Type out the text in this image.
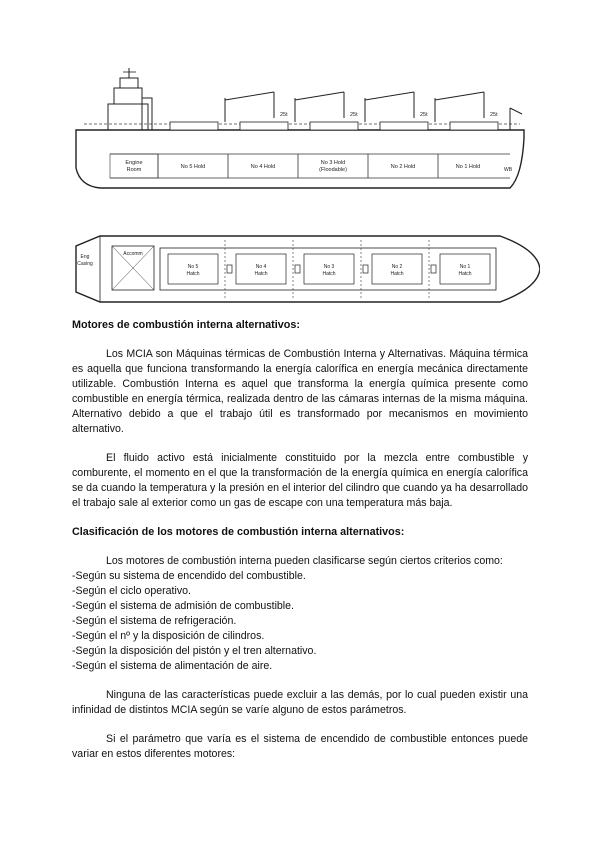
Engine
Room	No 5 Hold	No 4 Hold
No 3 Hold
(Floodable)	No 2 Hold	No 1 Hold
25t	25t	25t	25t
WB
Eng
Casing
Accomm
No 5
Hatch
No 4
Hatch
No 3
Hatch
No 2
Hatch
No 1
Hatch
Motores de combustión interna alternativos:

Los MCIA son Máquinas térmicas de Combustión Interna y Alternativas. Máquina térmica es aquella que funciona transformando la energía calorífica en energía mecánica directamente utilizable. Combustión Interna es aquel que transforma la energía química presente como combustible en energía térmica, realizada dentro de las cámaras internas de la misma máquina. Alternativo debido a que el trabajo útil es transformado por mecanismos en movimiento alternativo.

El fluido activo está inicialmente constituido por la mezcla entre combustible y comburente, el momento en el que la transformación de la energía química en energía calorífica se da cuando la temperatura y la presión en el interior del cilindro que cuando ya ha desarrollado el trabajo sale al exterior como un gas de escape con una temperatura más baja.

Clasificación de los motores de combustión interna alternativos:

Los motores de combustión interna pueden clasificarse según ciertos criterios como:

-Según su sistema de encendido del combustible.
-Según el ciclo operativo.
-Según el sistema de admisión de combustible.
-Según el sistema de refrigeración.
-Según el nº y la disposición de cilindros.
-Según la disposición del pistón y el tren alternativo.
-Según el sistema de alimentación de aire.

Ninguna de las características puede excluir a las demás, por lo cual pueden existir una infinidad de distintos MCIA según se varíe alguno de estos parámetros.

Si el parámetro que varía es el sistema de encendido de combustible entonces puede variar en estos diferentes motores:
